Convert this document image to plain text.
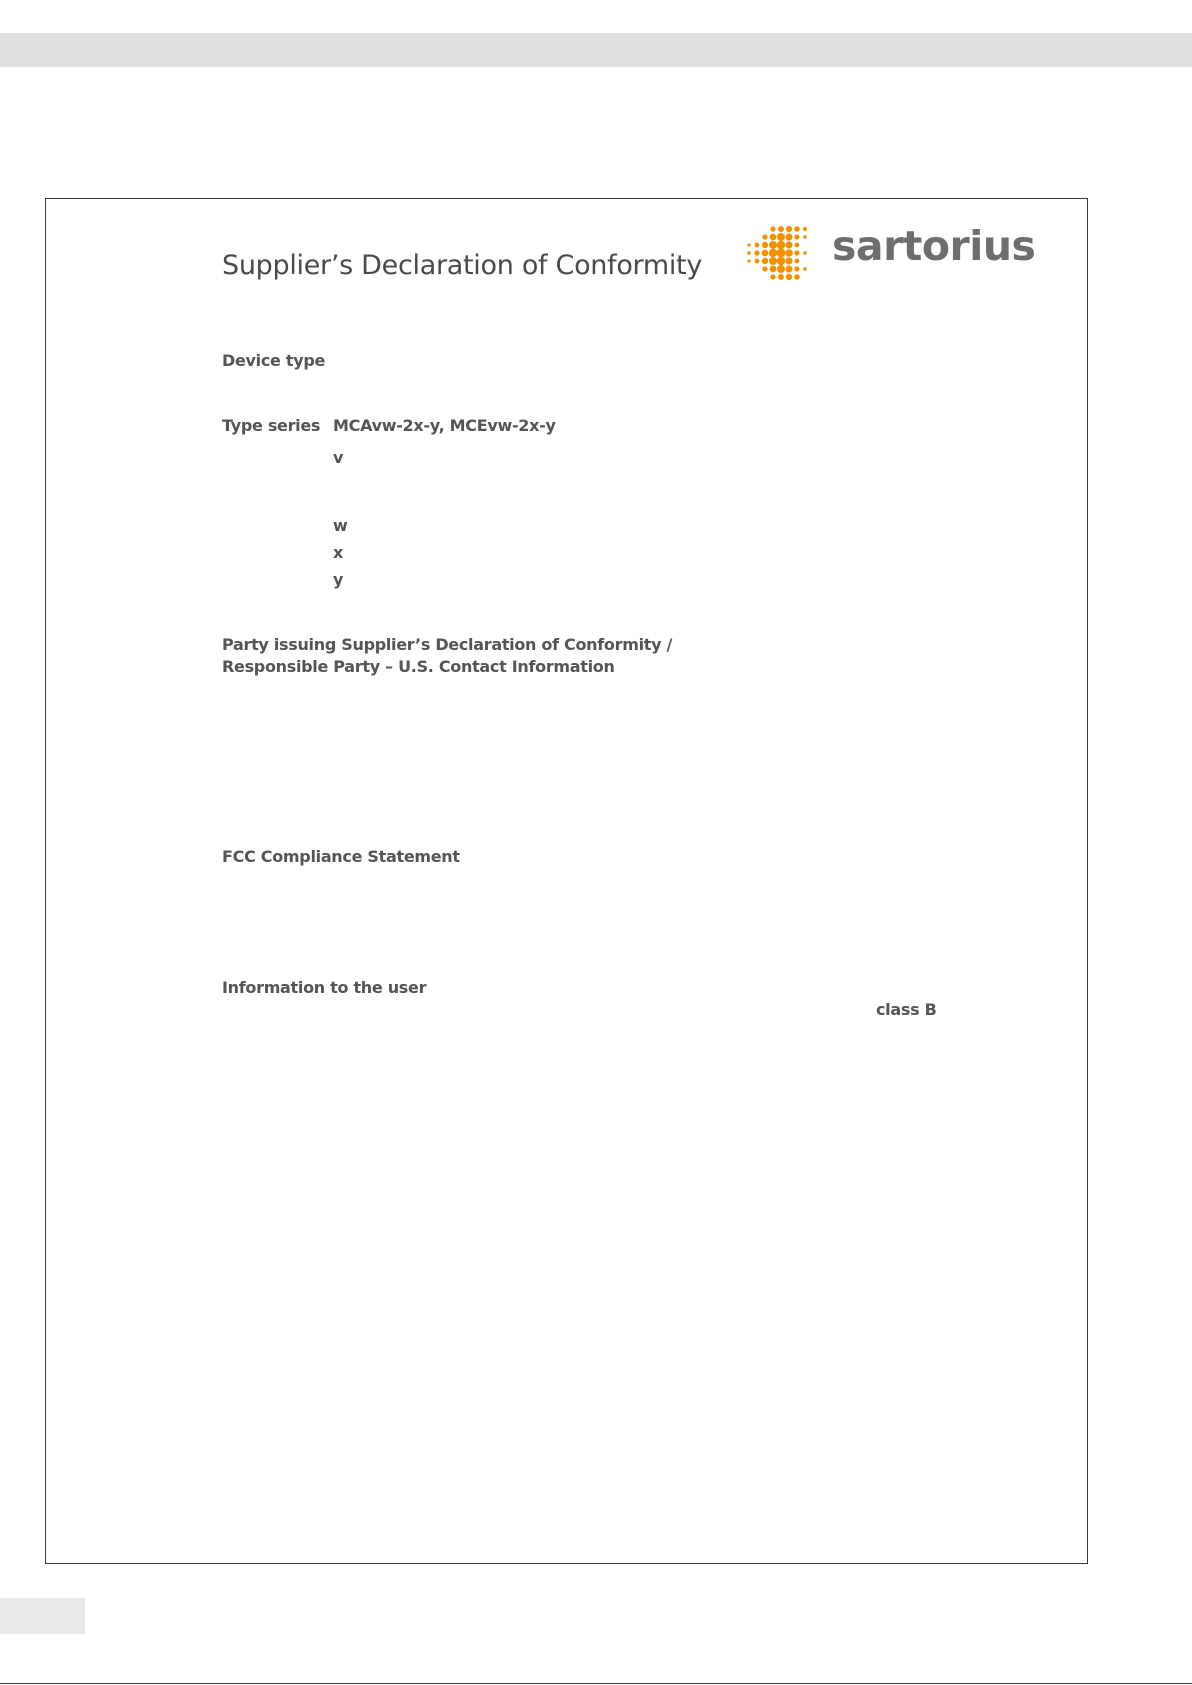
Supplier’s Declaration of Conformity	sartorius
Device type
Type series MCAvw-2x-y, MCEvw-2x-y
v
w
x
y
Party issuing Supplier’s Declaration of Conformity /
Responsible Party – U.S. Contact Information
FCC Compliance Statement
Information to the user
class B
